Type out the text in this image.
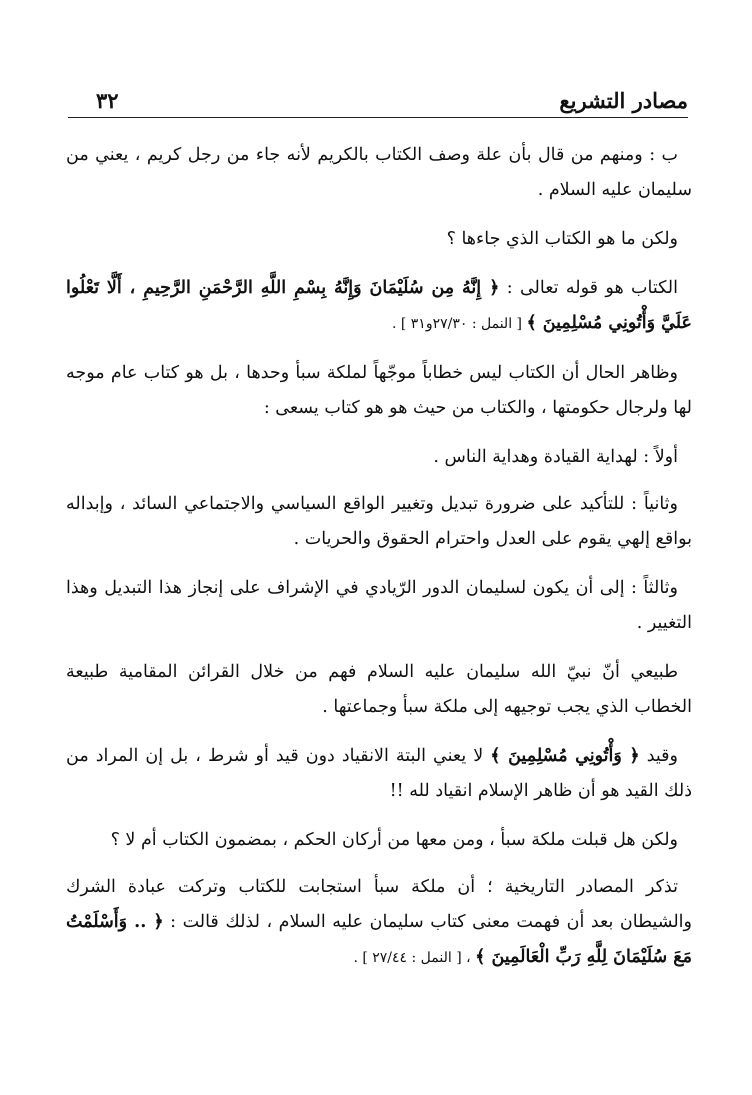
مصادر التشريع
٣٢

ب : ومنهم من قال بأن علة وصف الكتاب بالكريم لأنه جاء من رجل كريم ، يعني من سليمان عليه السلام .

ولكن ما هو الكتاب الذي جاءها ؟

الكتاب هو قوله تعالى : ﴿ إِنَّهُ مِن سُلَيْمَانَ وَإِنَّهُ بِسْمِ اللَّهِ الرَّحْمَنِ الرَّحِيمِ ، أَلَّا تَعْلُوا عَلَيَّ وَأْتُونِي مُسْلِمِينَ ﴾ [ النمل : ٢٧/٣٠و٣١ ] .

وظاهر الحال أن الكتاب ليس خطاباً موجّهاً لملكة سبأ وحدها ، بل هو كتاب عام موجه لها ولرجال حكومتها ، والكتاب من حيث هو هو كتاب يسعى :

أولاً : لهداية القيادة وهداية الناس .

وثانياً : للتأكيد على ضرورة تبديل وتغيير الواقع السياسي والاجتماعي السائد ، وإبداله بواقع إلهي يقوم على العدل واحترام الحقوق والحريات .

وثالثاً : إلى أن يكون لسليمان الدور الرّيادي في الإشراف على إنجاز هذا التبديل وهذا التغيير .

طبيعي أنّ نبيّ الله سليمان عليه السلام فهم من خلال القرائن المقامية طبيعة الخطاب الذي يجب توجيهه إلى ملكة سبأ وجماعتها .

وقيد ﴿ وَأْتُونِي مُسْلِمِينَ ﴾ لا يعني البتة الانقياد دون قيد أو شرط ، بل إن المراد من ذلك القيد هو أن ظاهر الإسلام انقياد لله !!

ولكن هل قبلت ملكة سبأ ، ومن معها من أركان الحكم ، بمضمون الكتاب أم لا ؟

تذكر المصادر التاريخية ؛ أن ملكة سبأ استجابت للكتاب وتركت عبادة الشرك والشيطان بعد أن فهمت معنى كتاب سليمان عليه السلام ، لذلك قالت : ﴿ .. وَأَسْلَمْتُ مَعَ سُلَيْمَانَ لِلَّهِ رَبِّ الْعَالَمِينَ ﴾ ، [ النمل : ٢٧/٤٤ ] .
